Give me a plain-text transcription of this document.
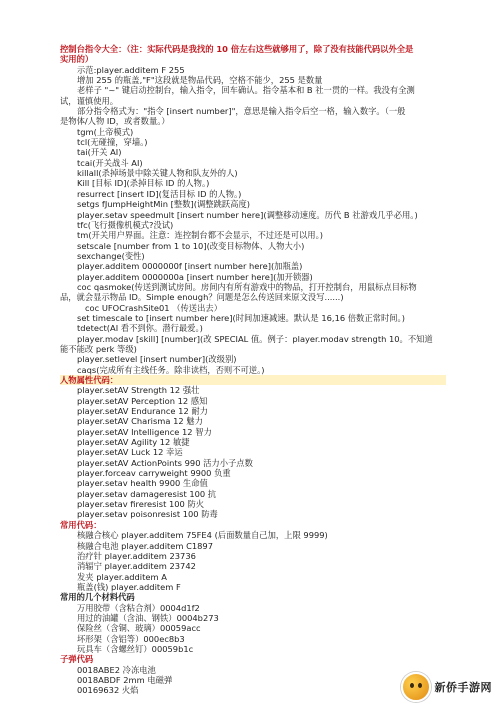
控制台指令大全：（注：实际代码是我找的 10 倍左右这些就够用了，除了没有技能代码以外全是
实用的）
示范:player.additem F 255
增加 255 的瓶盖,"F"这段就是物品代码，空格不能少，255 是数量
老样子 "~" 键启动控制台，输入指令，回车确认。指令基本和 B 社一贯的一样。我没有全测
试，谨慎使用。
部分指令格式为："指令 [insert number]"，意思是输入指令后空一格，输入数字。（一般
是物体/人物 ID，或者数量。）
tgm(上帝模式)
tcl(无碰撞，穿墙。)
tai(开关 AI)
tcai(开关战斗 AI)
killall(杀掉场景中除关键人物和队友外的人)
Kill [目标 ID](杀掉目标 ID 的人物。)
resurrect [insert ID](复活目标 ID 的人物。)
setgs fJumpHeightMin [整数](调整跳跃高度)
player.setav speedmult [insert number here](调整移动速度。历代 B 社游戏几乎必用。)
tfc(飞行摄像机模式?没试)
tm(开关用户界面。注意：连控制台都不会显示，不过还是可以用。)
setscale [number from 1 to 10](改变目标物体、人物大小)
sexchange(变性)
player.additem 0000000f [insert number here](加瓶盖)
player.additem 0000000a [insert number here](加开锁器)
coc qasmoke(传送到测试房间。房间内有所有游戏中的物品，打开控制台，用鼠标点目标物
品，就会显示物品 ID。Simple enough？问题是怎么传送回来原文没写......)
coc UFOCrashSite01 （传送出去）
set timescale to [insert number here](时间加速减速。默认是 16,16 倍数正常时间。)
tdetect(AI 看不到你。潜行最爱。)
player.modav [skill] [number](改 SPECIAL 值。例子：player.modav strength 10。不知道
能不能改 perk 等级)
player.setlevel [insert number](改级别)
caqs(完成所有主线任务。除非读档，否则不可逆。)
人物属性代码：
player.setAV Strength 12 强壮
player.setAV Perception 12 感知
player.setAV Endurance 12 耐力
player.setAV Charisma 12 魅力
player.setAV Intelligence 12 智力
player.setAV Agility 12 敏捷
player.setAV Luck 12 幸运
player.setAV ActionPoints 990 活力小子点数
player.forceav carryweight 9900 负重
player.setav health 9900 生命值
player.setav damageresist 100 抗
player.setav fireresist 100 防火
player.setav poisonresist 100 防毒
常用代码：
核融合核心 player.additem 75FE4 (后面数量自己加，上限 9999)
核融合电池 player.additem C1897
治疗针 player.additem 23736
消辐宁 player.additem 23742
发夹 player.additem A
瓶盖(钱) player.additem F
常用的几个材料代码
万用胶带（含粘合剂）0004d1f2
用过的油罐（含油、钢铁）0004b273
保险丝（含铜、玻璃）00059acc
坏形架（含铝等）000ec8b3
玩具车（含螺丝钉）00059b1c
子弹代码
0018ABE2 冷冻电池
0018ABDF 2mm 电磁弹
00169632 火焰	新侨手游网
